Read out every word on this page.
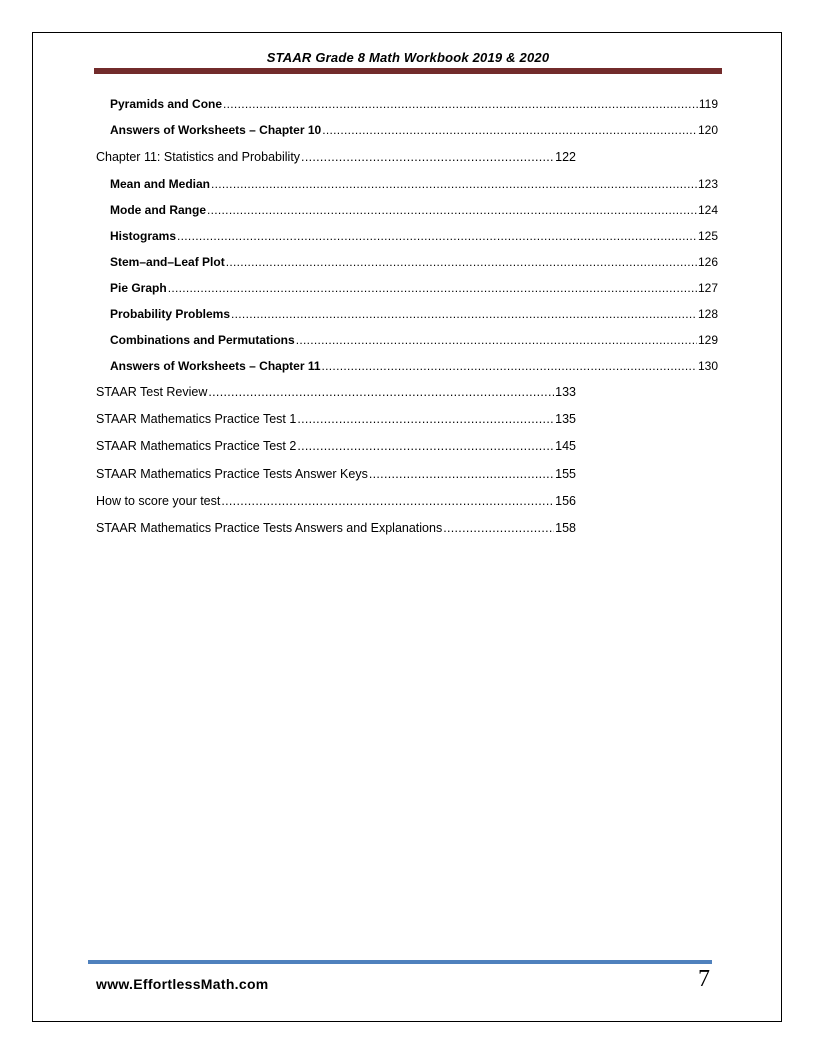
STAAR Grade 8 Math Workbook 2019 & 2020
Pyramids and Cone .....	119
Answers of Worksheets – Chapter 10 .....	120
Chapter 11: Statistics and Probability .....	122
Mean and Median .....	123
Mode and Range .....	124
Histograms .....	125
Stem–and–Leaf Plot .....	126
Pie Graph .....	127
Probability Problems .....	128
Combinations and Permutations .....	129
Answers of Worksheets – Chapter 11 .....	130
STAAR Test Review .....	133
STAAR Mathematics Practice Test 1 .....	135
STAAR Mathematics Practice Test 2 .....	145
STAAR Mathematics Practice Tests Answer Keys .....	155
How to score your test .....	156
STAAR Mathematics Practice Tests Answers and Explanations .....	158
www.EffortlessMath.com	7
